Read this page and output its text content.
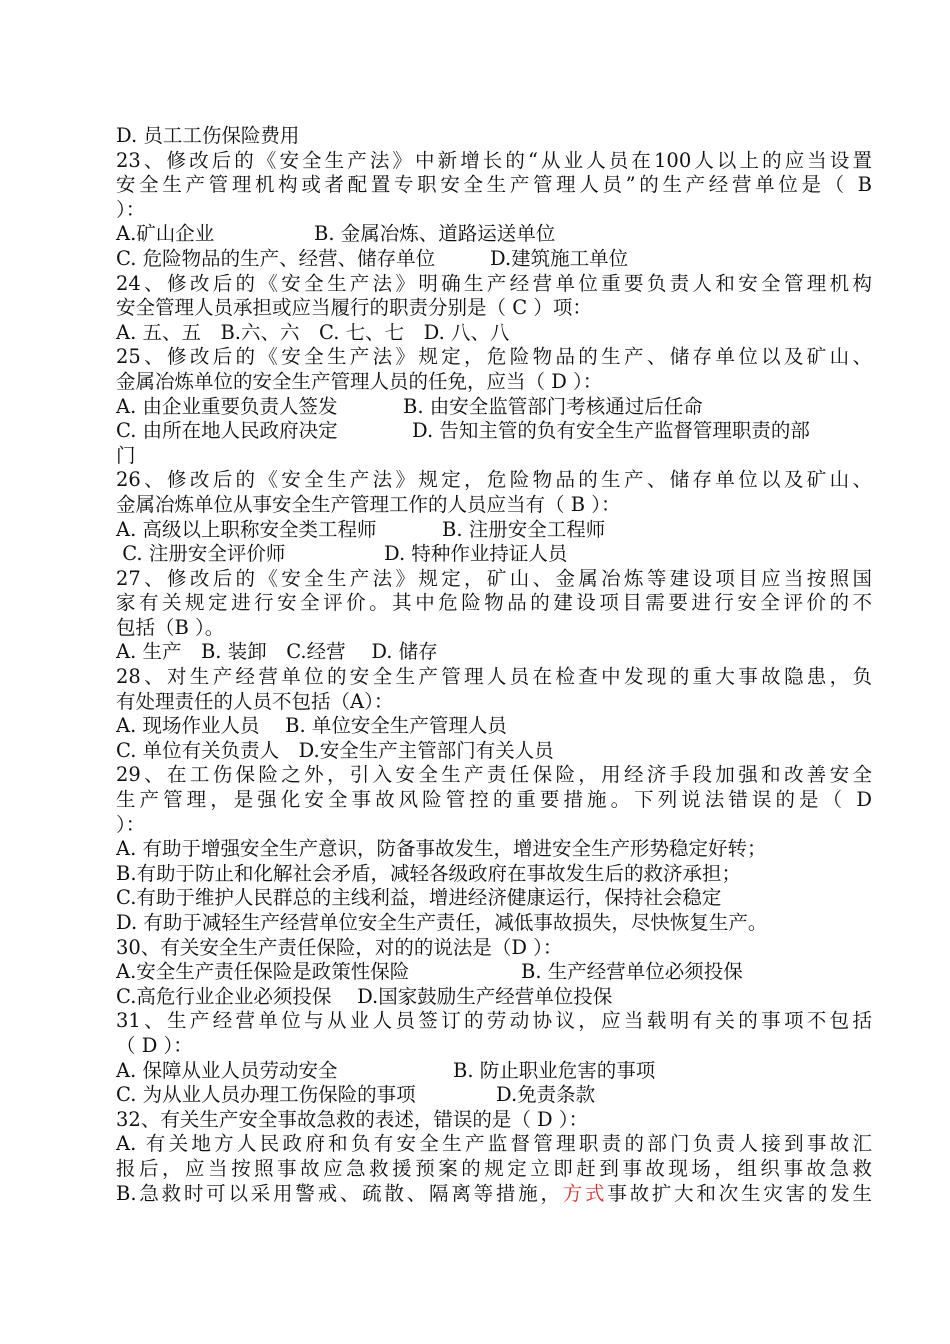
D. 员工工伤保险费用
23、修改后的《安全生产法》中新增长的“从业人员在100人以上的应当设置
安全生产管理机构或者配置专职安全生产管理人员”的生产经营单位是（ B
）：
A.矿山企业	B. 金属冶炼、道路运送单位
C. 危险物品的生产、经营、储存单位	D.建筑施工单位
24、修改后的《安全生产法》明确生产经营单位重要负责人和安全管理机构
安全管理人员承担或应当履行的职责分别是（ C ）项：
A. 五、五　B.六、六　C. 七、七　D. 八、八
25、修改后的《安全生产法》规定，危险物品的生产、储存单位以及矿山、
金属冶炼单位的安全生产管理人员的任免，应当（ D ）：
A. 由企业重要负责人签发	B. 由安全监管部门考核通过后任命
C. 由所在地人民政府决定	D. 告知主管的负有安全生产监督管理职责的部
门
26、修改后的《安全生产法》规定，危险物品的生产、储存单位以及矿山、
金属冶炼单位从事安全生产管理工作的人员应当有（ B ）：
A. 高级以上职称安全类工程师	B. 注册安全工程师
C. 注册安全评价师	D. 特种作业持证人员
27、修改后的《安全生产法》规定，矿山、金属冶炼等建设项目应当按照国
家有关规定进行安全评价。其中危险物品的建设项目需要进行安全评价的不
包括（B ）。
A. 生产　B. 装卸　C.经营　 D. 储存
28、对生产经营单位的安全生产管理人员在检查中发现的重大事故隐患，负
有处理责任的人员不包括（A）：
A. 现场作业人员　 B. 单位安全生产管理人员
C. 单位有关负责人　D.安全生产主管部门有关人员
29、在工伤保险之外，引入安全生产责任保险，用经济手段加强和改善安全
生产管理，是强化安全事故风险管控的重要措施。下列说法错误的是（ D
）：
A. 有助于增强安全生产意识，防备事故发生，增进安全生产形势稳定好转；
B.有助于防止和化解社会矛盾，减轻各级政府在事故发生后的救济承担；
C.有助于维护人民群总的主线利益，增进经济健康运行，保持社会稳定
D. 有助于减轻生产经营单位安全生产责任，减低事故损失，尽快恢复生产。
30、有关安全生产责任保险，对的的说法是（D ）：
A.安全生产责任保险是政策性保险	B. 生产经营单位必须投保
C.高危行业企业必须投保　 D.国家鼓励生产经营单位投保
31、生产经营单位与从业人员签订的劳动协议，应当载明有关的事项不包括
（ D ）：
A. 保障从业人员劳动安全	B. 防止职业危害的事项
C. 为从业人员办理工伤保险的事项	D.免责条款
32、有关生产安全事故急救的表述，错误的是（ D ）：
A. 有关地方人民政府和负有安全生产监督管理职责的部门负责人接到事故汇
报后，应当按照事故应急救援预案的规定立即赶到事故现场，组织事故急救
B.急救时可以采用警戒、疏散、隔离等措施，方式事故扩大和次生灾害的发生
